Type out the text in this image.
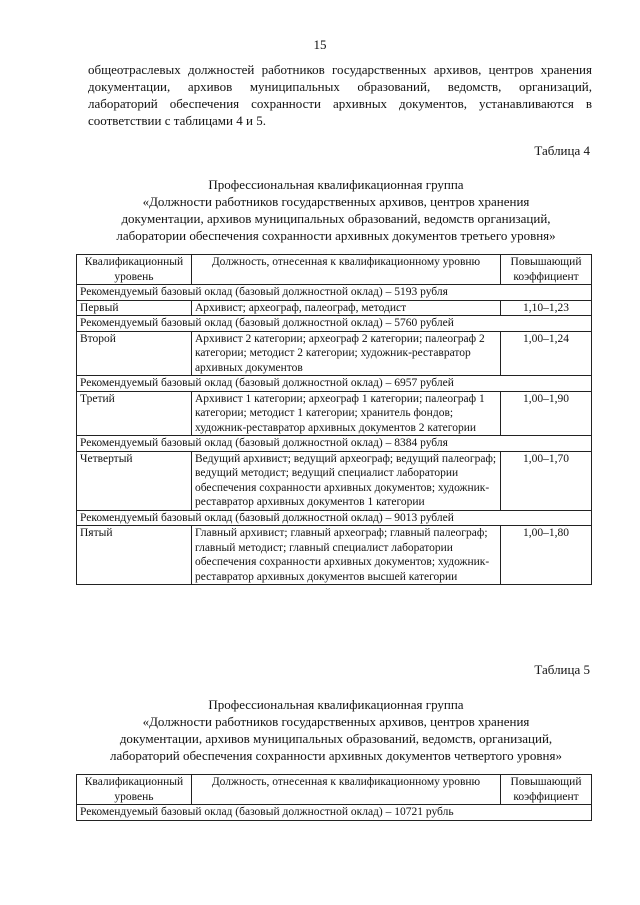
15
общеотраслевых должностей работников государственных архивов, центров хранения документации, архивов муниципальных образований, ведомств, организаций, лабораторий обеспечения сохранности архивных документов, устанавливаются в соответствии с таблицами 4 и 5.
Таблица 4
Профессиональная квалификационная группа
«Должности работников государственных архивов, центров хранения
документации, архивов муниципальных образований, ведомств организаций,
лаборатории обеспечения сохранности архивных документов третьего уровня»
Квалификационный уровень	Должность, отнесенная к квалификационному уровню	Повышающий коэффициент
Рекомендуемый базовый оклад (базовый должностной оклад) – 5193 рубля		
Первый	Архивист; археограф, палеограф, методист	1,10–1,23
Рекомендуемый базовый оклад (базовый должностной оклад) – 5760 рублей		
Второй	Архивист 2 категории; археограф 2 категории; палеограф 2 категории; методист 2 категории; художник-реставратор архивных документов	1,00–1,24
Рекомендуемый базовый оклад (базовый должностной оклад) – 6957 рублей		
Третий	Архивист 1 категории; археограф 1 категории; палеограф 1 категории; методист 1 категории; хранитель фондов; художник-реставратор архивных документов 2 категории	1,00–1,90
Рекомендуемый базовый оклад (базовый должностной оклад) – 8384 рубля		
Четвертый	Ведущий архивист; ведущий археограф; ведущий палеограф; ведущий методист; ведущий специалист лаборатории обеспечения сохранности архивных документов; художник-реставратор архивных документов 1 категории	1,00–1,70
Рекомендуемый базовый оклад (базовый должностной оклад) – 9013 рублей		
Пятый	Главный архивист; главный археограф; главный палеограф; главный методист; главный специалист лаборатории обеспечения сохранности архивных документов; художник-реставратор архивных документов высшей категории	1,00–1,80
Таблица 5
Профессиональная квалификационная группа
«Должности работников государственных архивов, центров хранения
документации, архивов муниципальных образований, ведомств, организаций,
лабораторий обеспечения сохранности архивных документов четвертого уровня»
Квалификационный уровень	Должность, отнесенная к квалификационному уровню	Повышающий коэффициент
Рекомендуемый базовый оклад (базовый должностной оклад) – 10721 рубль
